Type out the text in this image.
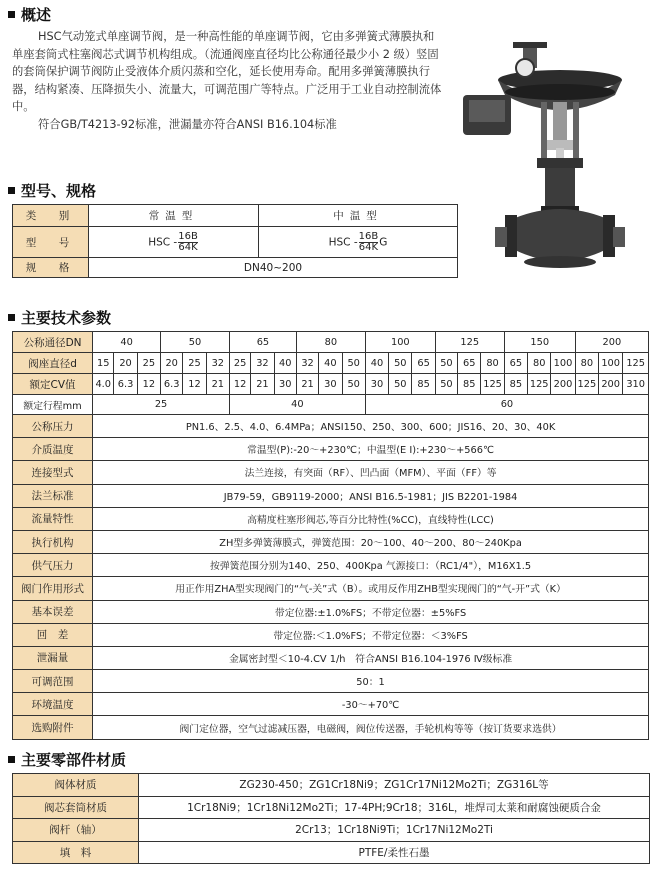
概述

HSC气动笼式单座调节阀，是一种高性能的单座调节阀，它由多弹簧式薄膜执和单座套筒式柱塞阀芯式调节机构组成。（流通阀座直径均比公称通径最少小 2 级）竖固的套筒保护调节阀防止受液体介质闪蒸和空化，延长使用寿命。配用多弹簧薄膜执行器，结构紧凑、压降损失小、流量大，可调范围广等特点。广泛用于工业自动控制流体中。

符合GB/T4213-92标准，泄漏量亦符合ANSI B16.104标准

型号、规格
类　别	常温型	中温型
型　号	HSC - $\frac{16B}{64K}$	HSC - $\frac{16B}{64K}$ G
规　格	DN40~200	
主要技术参数
公称通径DN	40			50			65			80			100			125			150			200		
阀座直径d	15	20	25	20	25	32	25	32	40	32	40	50	40	50	65	50	65	80	65	80	100	80	100	125
额定CV值	4.0	6.3	12	6.3	12	21	12	21	30	21	30	50	30	50	85	50	85	125	85	125	200	125	200	310
额定行程mm	25						40						60											
公称压力	PN1.6、2.5、4.0、6.4MPa；ANSI150、250、300、600；JIS16、20、30、40K																							
介质温度	常温型(P):-20～+230℃；中温型(E I):+230～+566℃																							
连接型式	法兰连接，有突面（RF）、凹凸面（MFM）、平面（FF）等																							
法兰标准	JB79-59，GB9119-2000；ANSI B16.5-1981；JIS B2201-1984																							
流量特性	高精度柱塞形阀芯,等百分比特性(%CC)，直线特性(LCC)																							
执行机构	ZH型多弹簧薄膜式，弹簧范围：20～100、40～200、80～240Kpa																							
供气压力	按弹簧范围分别为140、250、400Kpa 气源接口：（RC1/4"），M16X1.5																							
阀门作用形式	用正作用ZHA型实现阀门的“气-关”式（B）。或用反作用ZHB型实现阀门的“气-开”式（K）																							
基本误差	带定位器:±1.0%FS；不带定位器：±5%FS																							
回　差	带定位器:＜1.0%FS；不带定位器：＜3%FS																							
泄漏量	金属密封型＜10-4.CV 1/h　符合ANSI B16.104-1976 Ⅳ级标准																							
可调范围	50：1																							
环境温度	-30～+70℃																							
选购附件	阀门定位器，空气过滤减压器，电磁阀，阀位传送器，手轮机构等等（按订货要求选供）																							
主要零部件材质
阀体材质	ZG230-450；ZG1Cr18Ni9；ZG1Cr17Ni12Mo2Ti；ZG316L等
阀芯套筒材质	1Cr18Ni9；1Cr18Ni12Mo2Ti；17-4PH;9Cr18；316L，堆焊司太莱和耐腐蚀硬质合金
阀杆（轴）	2Cr13；1Cr18Ni9Ti；1Cr17Ni12Mo2Ti
填　料	PTFE/柔性石墨
